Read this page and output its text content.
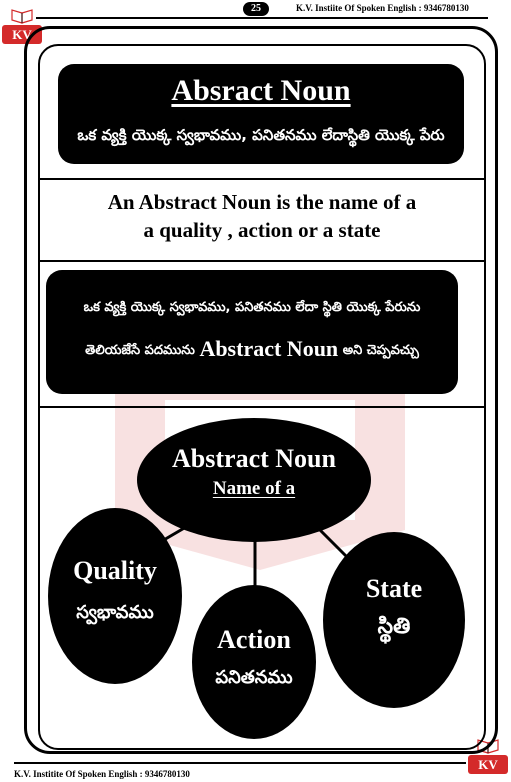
25	K.V. Instiite Of Spoken English : 9346780130
KV
KV
Absract Noun
ఒక వ్యక్తి యొక్క స్వభావము, పనితనము లేదాస్థితి యొక్క పేరు
An Abstract Noun is the name of a
a quality , action or a state
ఒక వ్యక్తి యొక్క స్వభావము, పనితనము లేదా స్థితి యొక్క పేరును
తెలియజేసే పదమును Abstract Noun అని చెప్పవచ్చు
Abstract Noun
Name of a
Quality
స్వభావము
Action
పనితనము
State
స్థితి
K.V. Institite Of Spoken English : 9346780130
